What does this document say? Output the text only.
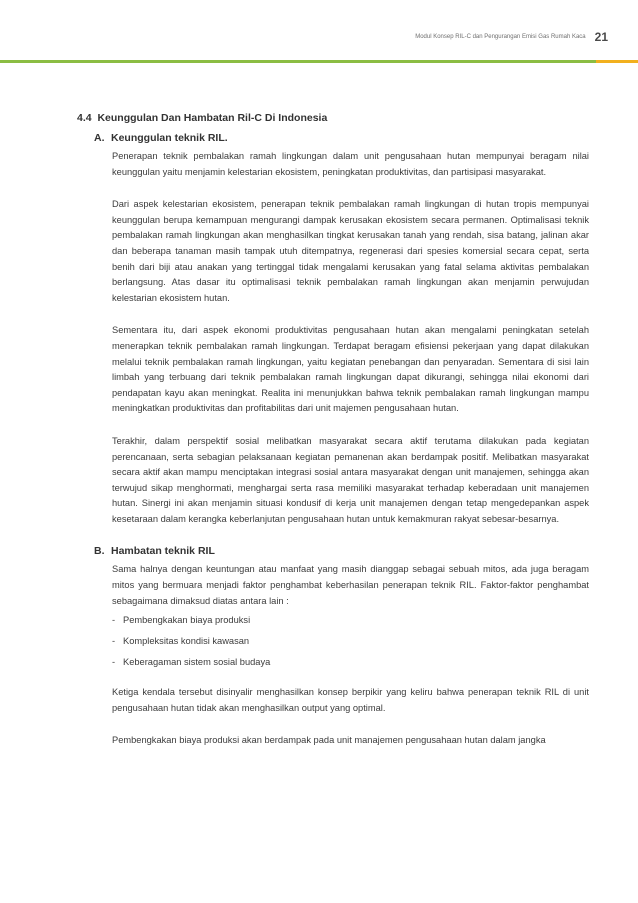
Modul Konsep RIL-C dan Pengurangan Emisi Gas Rumah Kaca 21
4.4 Keunggulan Dan Hambatan Ril-C Di Indonesia
A. Keunggulan teknik RIL.

Penerapan teknik pembalakan ramah lingkungan dalam unit pengusahaan hutan mempunyai beragam nilai keunggulan yaitu menjamin kelestarian ekosistem, peningkatan produktivitas, dan partisipasi masyarakat.

Dari aspek kelestarian ekosistem, penerapan teknik pembalakan ramah lingkungan di hutan tropis mempunyai keunggulan berupa kemampuan mengurangi dampak kerusakan ekosistem secara permanen. Optimalisasi teknik pembalakan ramah lingkungan akan menghasilkan tingkat kerusakan tanah yang rendah, sisa batang, jalinan akar dan beberapa tanaman masih tampak utuh ditempatnya, regenerasi dari spesies komersial secara cepat, serta benih dari biji atau anakan yang tertinggal tidak mengalami kerusakan yang fatal selama aktivitas pembalakan berlangsung. Atas dasar itu optimalisasi teknik pembalakan ramah lingkungan akan menjamin perwujudan kelestarian ekosistem hutan.

Sementara itu, dari aspek ekonomi produktivitas pengusahaan hutan akan mengalami peningkatan setelah menerapkan teknik pembalakan ramah lingkungan. Terdapat beragam efisiensi pekerjaan yang dapat dilakukan melalui teknik pembalakan ramah lingkungan, yaitu kegiatan penebangan dan penyaradan. Sementara di sisi lain limbah yang terbuang dari teknik pembalakan ramah lingkungan dapat dikurangi, sehingga nilai ekonomi dari pendapatan kayu akan meningkat. Realita ini menunjukkan bahwa teknik pembalakan ramah lingkungan mampu meningkatkan produktivitas dan profitabilitas dari unit majemen pengusahaan hutan.

Terakhir, dalam perspektif sosial melibatkan masyarakat secara aktif terutama dilakukan pada kegiatan perencanaan, serta sebagian pelaksanaan kegiatan pemanenan akan berdampak positif. Melibatkan masyarakat secara aktif akan mampu menciptakan integrasi sosial antara masyarakat dengan unit manajemen, sehingga akan terwujud sikap menghormati, menghargai serta rasa memiliki masyarakat terhadap keberadaan unit manajemen hutan. Sinergi ini akan menjamin situasi kondusif di kerja unit manajemen dengan tetap mengedepankan aspek kesetaraan dalam kerangka keberlanjutan pengusahaan hutan untuk kemakmuran rakyat sebesar-besarnya.

B. Hambatan teknik RIL

Sama halnya dengan keuntungan atau manfaat yang masih dianggap sebagai sebuah mitos, ada juga beragam mitos yang bermuara menjadi faktor penghambat keberhasilan penerapan teknik RIL. Faktor-faktor penghambat sebagaimana dimaksud diatas antara lain :

- Pembengkakan biaya produksi
- Kompleksitas kondisi kawasan
- Keberagaman sistem sosial budaya

Ketiga kendala tersebut disinyalir menghasilkan konsep berpikir yang keliru bahwa penerapan teknik RIL di unit pengusahaan hutan tidak akan menghasilkan output yang optimal.

Pembengkakan biaya produksi akan berdampak pada unit manajemen pengusahaan hutan dalam jangka
